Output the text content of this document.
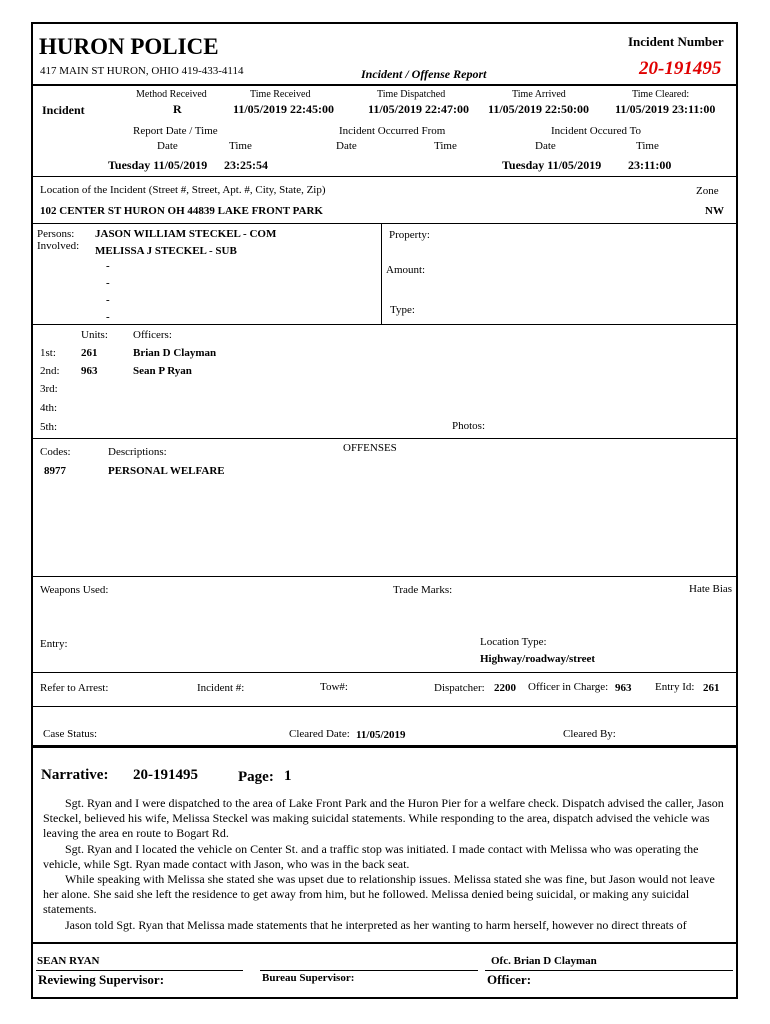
HURON POLICE
417 MAIN ST HURON, OHIO 419-433-4114	Incident / Offense Report
Incident Number
20-191495
Incident
Method Received
R
Time Received
11/05/2019 22:45:00
Time Dispatched
11/05/2019 22:47:00
Time Arrived
11/05/2019 22:50:00
Time Cleared:
11/05/2019 23:11:00
Report Date / Time
Date	Time
Tuesday 11/05/2019 23:25:54
Incident Occurred From
Date	Time
Incident Occured To
Date	Time
Tuesday 11/05/2019 23:11:00
Location of the Incident (Street #, Street, Apt. #, City, State, Zip)
102 CENTER ST HURON OH 44839 LAKE FRONT PARK
Zone
NW
Persons:
Involved:
JASON WILLIAM STECKEL - COM
MELISSA J STECKEL - SUB
-
-
-
-
Property:
Amount:
Type:
Units: Officers:
1st: 261	Brian D Clayman
2nd: 963	Sean P Ryan
3rd:
4th:
5th:	Photos:
Codes:	Descriptions:	OFFENSES
8977	PERSONAL WELFARE
Weapons Used:	Trade Marks:	Hate Bias
Entry:	Location Type:
Highway/roadway/street
Refer to Arrest:	Incident #:	Tow#:	Dispatcher: 2200 Officer in Charge: 963 Entry Id: 261
Case Status:	Cleared Date: 11/05/2019	Cleared By:
Narrative: 20-191495	Page: 1

Sgt. Ryan and I were dispatched to the area of Lake Front Park and the Huron Pier for a welfare check. Dispatch advised the caller, Jason Steckel, believed his wife, Melissa Steckel was making suicidal statements. While responding to the area, dispatch advised the vehicle was leaving the area en route to Bogart Rd.

Sgt. Ryan and I located the vehicle on Center St. and a traffic stop was initiated. I made contact with Melissa who was operating the vehicle, while Sgt. Ryan made contact with Jason, who was in the back seat.

While speaking with Melissa she stated she was upset due to relationship issues. Melissa stated she was fine, but Jason would not leave her alone. She said she left the residence to get away from him, but he followed. Melissa denied being suicidal, or making any suicidal statements.

Jason told Sgt. Ryan that Melissa made statements that he interpreted as her wanting to harm herself, however no direct threats of

SEAN RYAN
Reviewing Supervisor:	Bureau Supervisor:
Ofc. Brian D Clayman
Officer:
